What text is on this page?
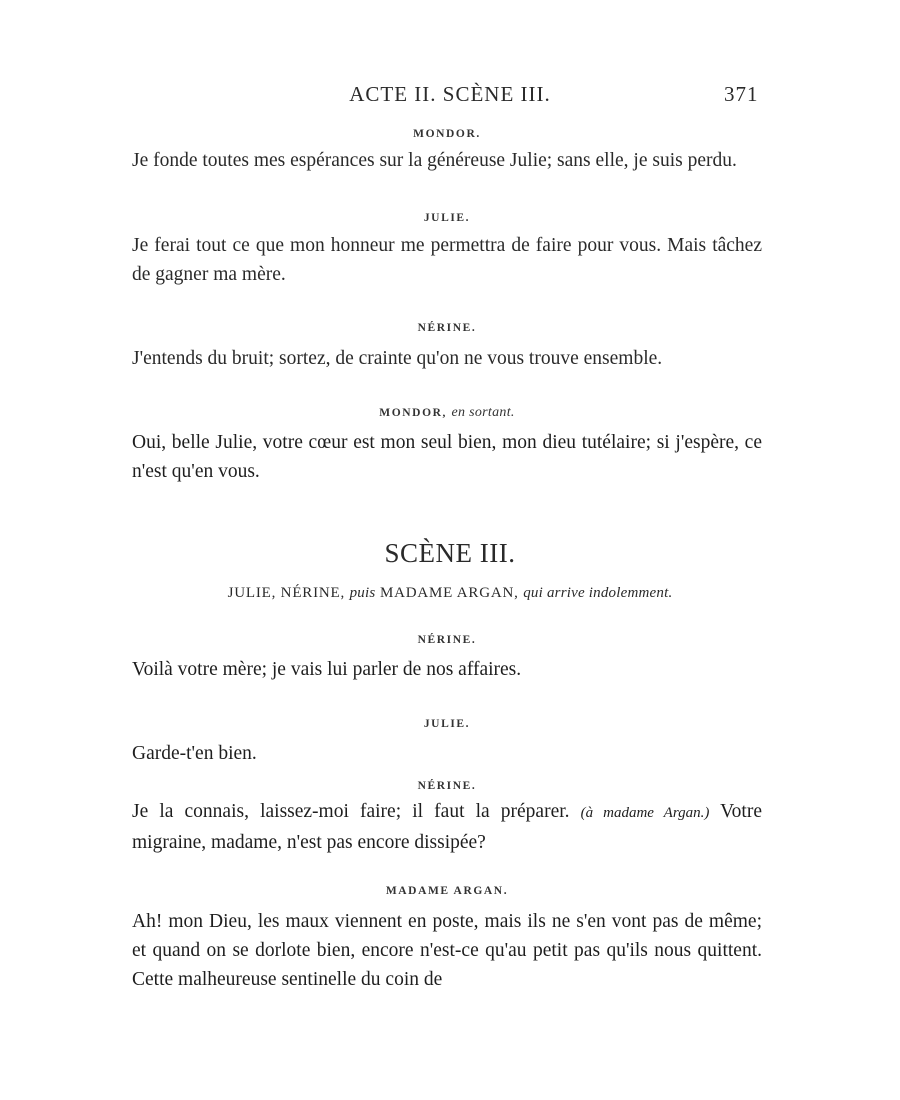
ACTE II. SCÈNE III.	371
MONDOR.
Je fonde toutes mes espérances sur la généreuse Julie; sans elle, je suis perdu.
JULIE.
Je ferai tout ce que mon honneur me permettra de faire pour vous. Mais tâchez de gagner ma mère.
NÉRINE.
J'entends du bruit; sortez, de crainte qu'on ne vous trouve ensemble.
MONDOR, en sortant.
Oui, belle Julie, votre cœur est mon seul bien, mon dieu tutélaire; si j'espère, ce n'est qu'en vous.
SCÈNE III.
JULIE, NÉRINE, puis MADAME ARGAN, qui arrive indolemment.
NÉRINE.
Voilà votre mère; je vais lui parler de nos affaires.
JULIE.
Garde-t'en bien.
NÉRINE.
Je la connais, laissez-moi faire; il faut la préparer. (à madame Argan.) Votre migraine, madame, n'est pas encore dissipée?
MADAME ARGAN.
Ah! mon Dieu, les maux viennent en poste, mais ils ne s'en vont pas de même; et quand on se dorlote bien, encore n'est-ce qu'au petit pas qu'ils nous quittent. Cette malheureuse sentinelle du coin de
